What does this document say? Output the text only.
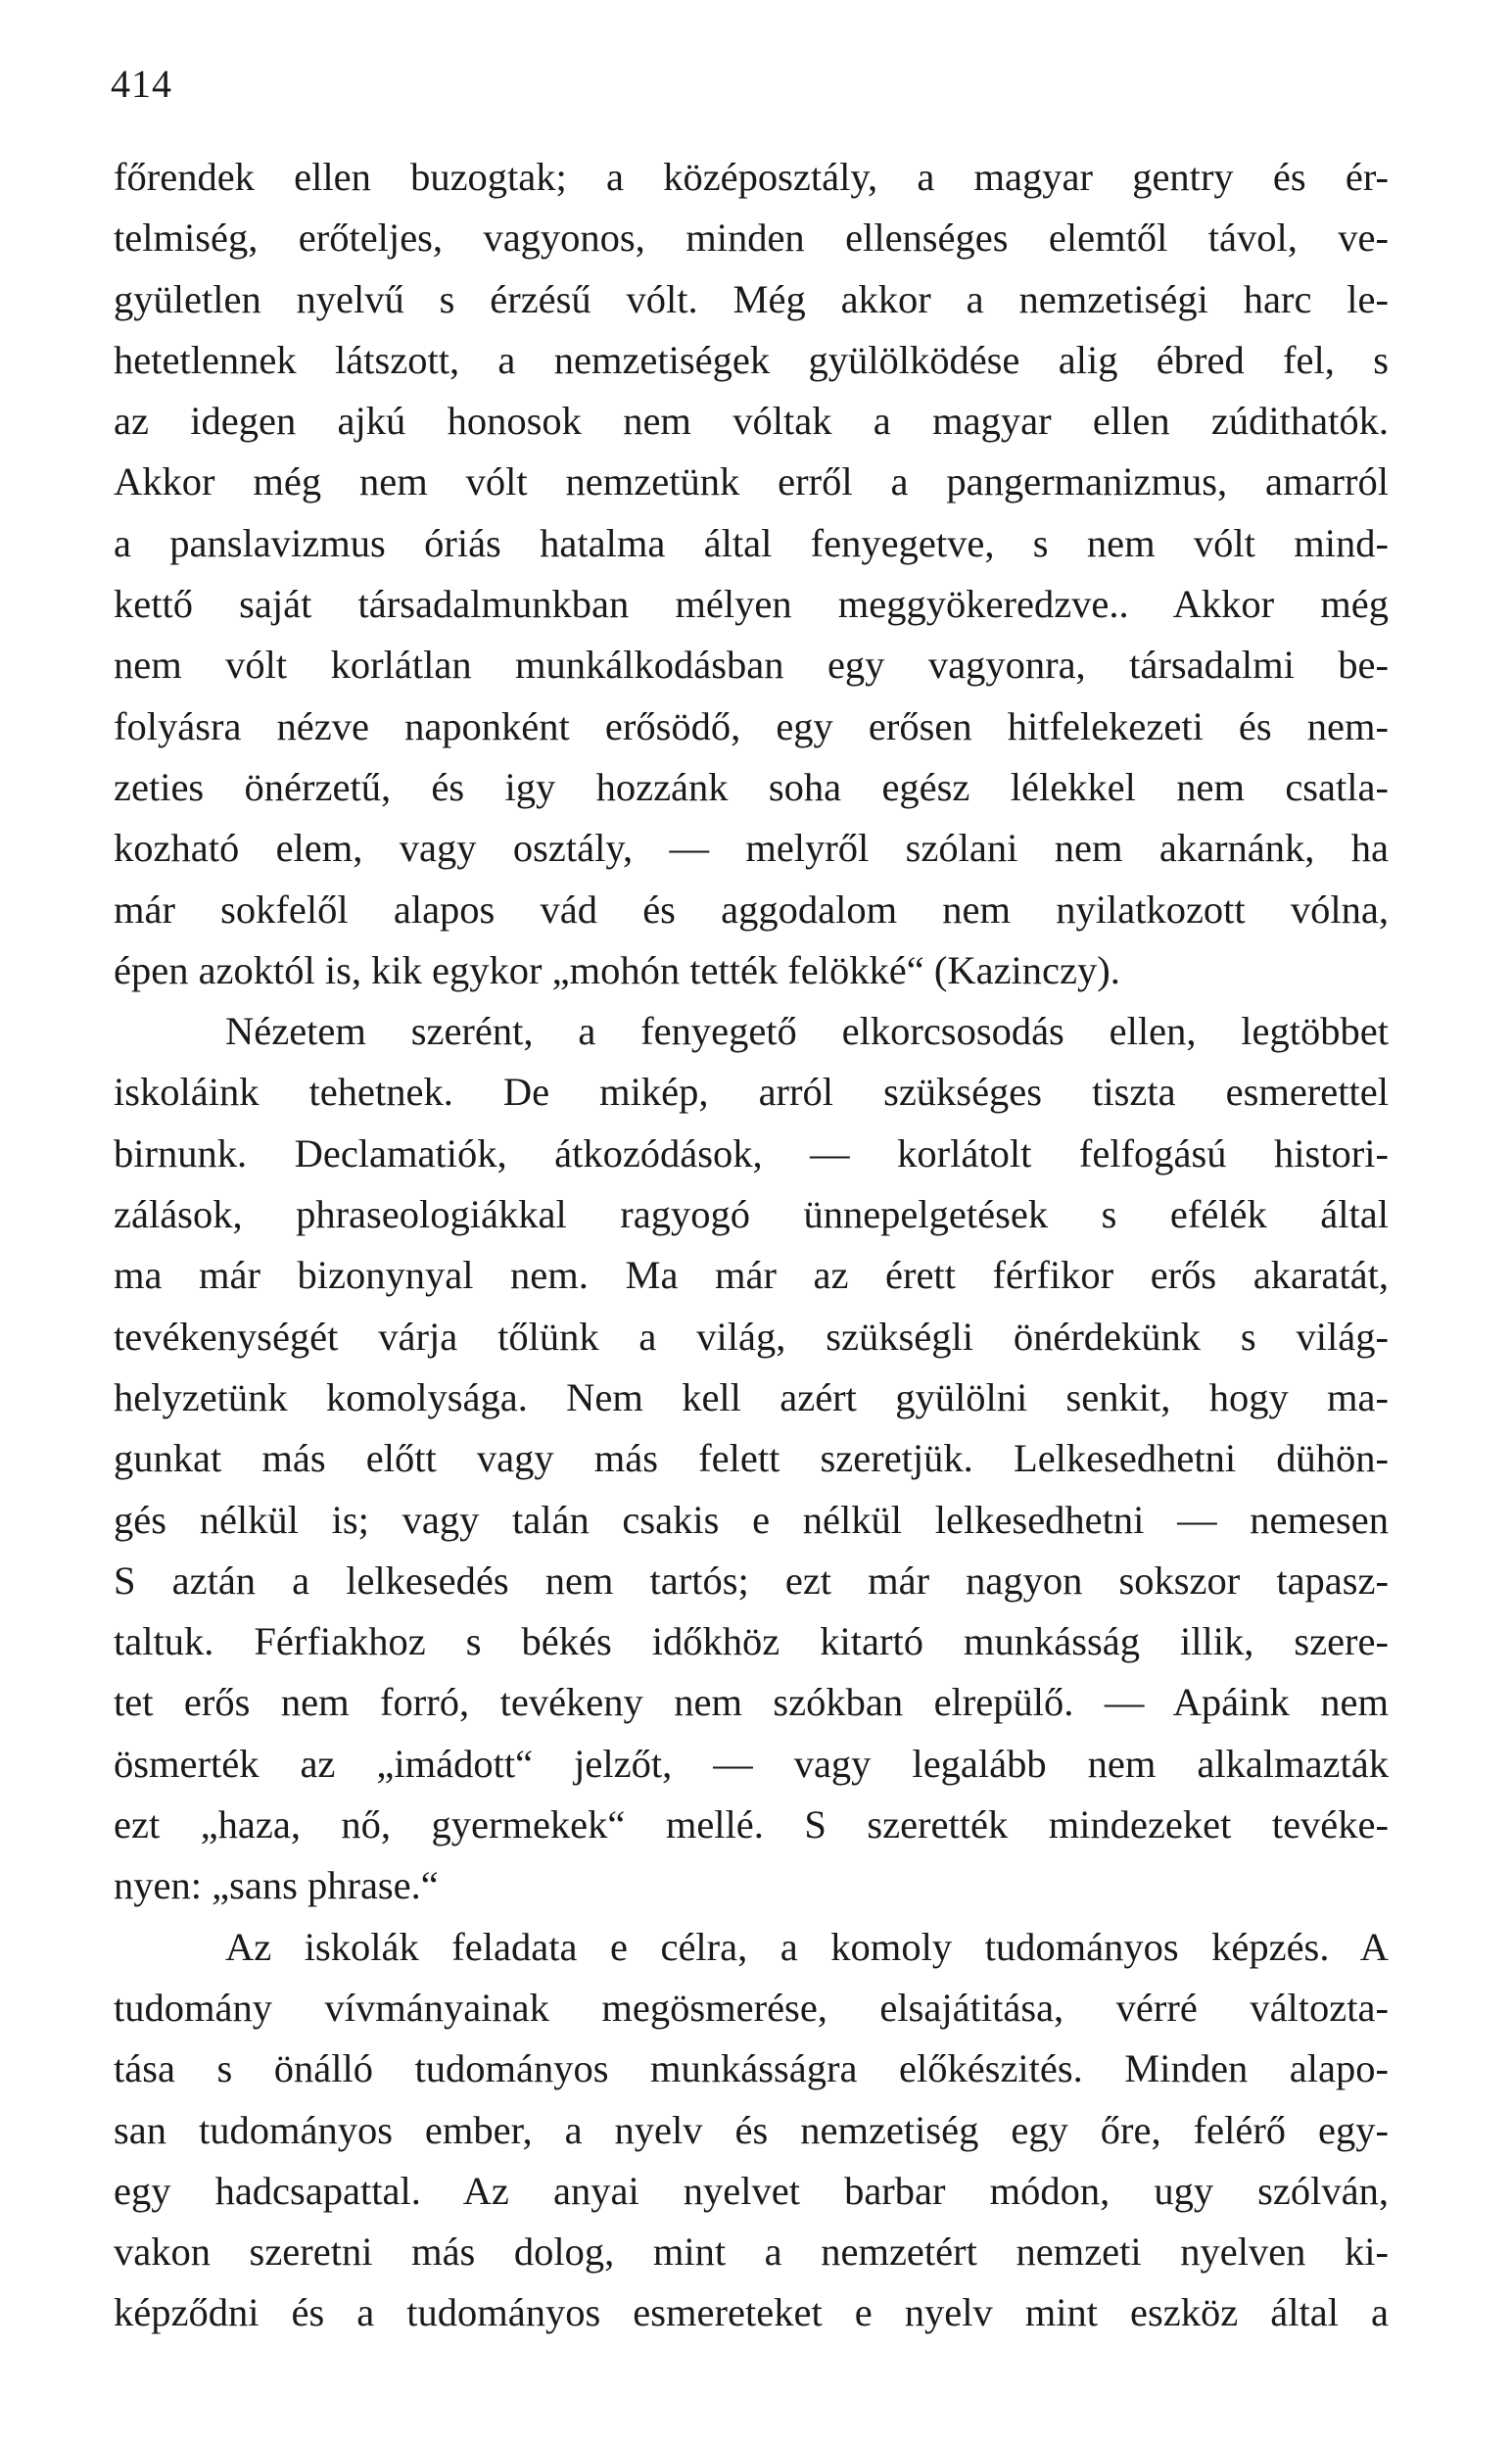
414
főrendek ellen buzogtak; a középosztály, a magyar gentry és ér-
telmiség, erőteljes, vagyonos, minden ellenséges elemtől távol, ve-
gyületlen nyelvű s érzésű vólt. Még akkor a nemzetiségi harc le-
hetetlennek látszott, a nemzetiségek gyülölködése alig ébred fel, s
az idegen ajkú honosok nem vóltak a magyar ellen zúdithatók.
Akkor még nem vólt nemzetünk erről a pangermanizmus, amarról
a panslavizmus óriás hatalma által fenyegetve, s nem vólt mind-
kettő saját társadalmunkban mélyen meggyökeredzve.. Akkor még
nem vólt korlátlan munkálkodásban egy vagyonra, társadalmi be-
folyásra nézve naponként erősödő, egy erősen hitfelekezeti és nem-
zeties önérzetű, és igy hozzánk soha egész lélekkel nem csatla-
kozható elem, vagy osztály, — melyről szólani nem akarnánk, ha
már sokfelől alapos vád és aggodalom nem nyilatkozott vólna,
épen azoktól is, kik egykor „mohón tették felökké“ (Kazinczy).
Nézetem szerént, a fenyegető elkorcsosodás ellen, legtöbbet
iskoláink tehetnek. De mikép, arról szükséges tiszta esmerettel
birnunk. Declamatiók, átkozódások, — korlátolt felfogású histori-
zálások, phraseologiákkal ragyogó ünnepelgetések s efélék által
ma már bizonynyal nem. Ma már az érett férfikor erős akaratát,
tevékenységét várja tőlünk a világ, szükségli önérdekünk s világ-
helyzetünk komolysága. Nem kell azért gyülölni senkit, hogy ma-
gunkat más előtt vagy más felett szeretjük. Lelkesedhetni dühön-
gés nélkül is; vagy talán csakis e nélkül lelkesedhetni — nemesen
S aztán a lelkesedés nem tartós; ezt már nagyon sokszor tapasz-
taltuk. Férfiakhoz s békés időkhöz kitartó munkásság illik, szere-
tet erős nem forró, tevékeny nem szókban elrepülő. — Apáink nem
ösmerték az „imádott“ jelzőt, — vagy legalább nem alkalmazták
ezt „haza, nő, gyermekek“ mellé. S szerették mindezeket tevéke-
nyen: „sans phrase.“
Az iskolák feladata e célra, a komoly tudományos képzés. A
tudomány vívmányainak megösmerése, elsajátitása, vérré változta-
tása s önálló tudományos munkásságra előkészités. Minden alapo-
san tudományos ember, a nyelv és nemzetiség egy őre, felérő egy-
egy hadcsapattal. Az anyai nyelvet barbar módon, ugy szólván,
vakon szeretni más dolog, mint a nemzetért nemzeti nyelven ki-
képződni és a tudományos esmereteket e nyelv mint eszköz által a
